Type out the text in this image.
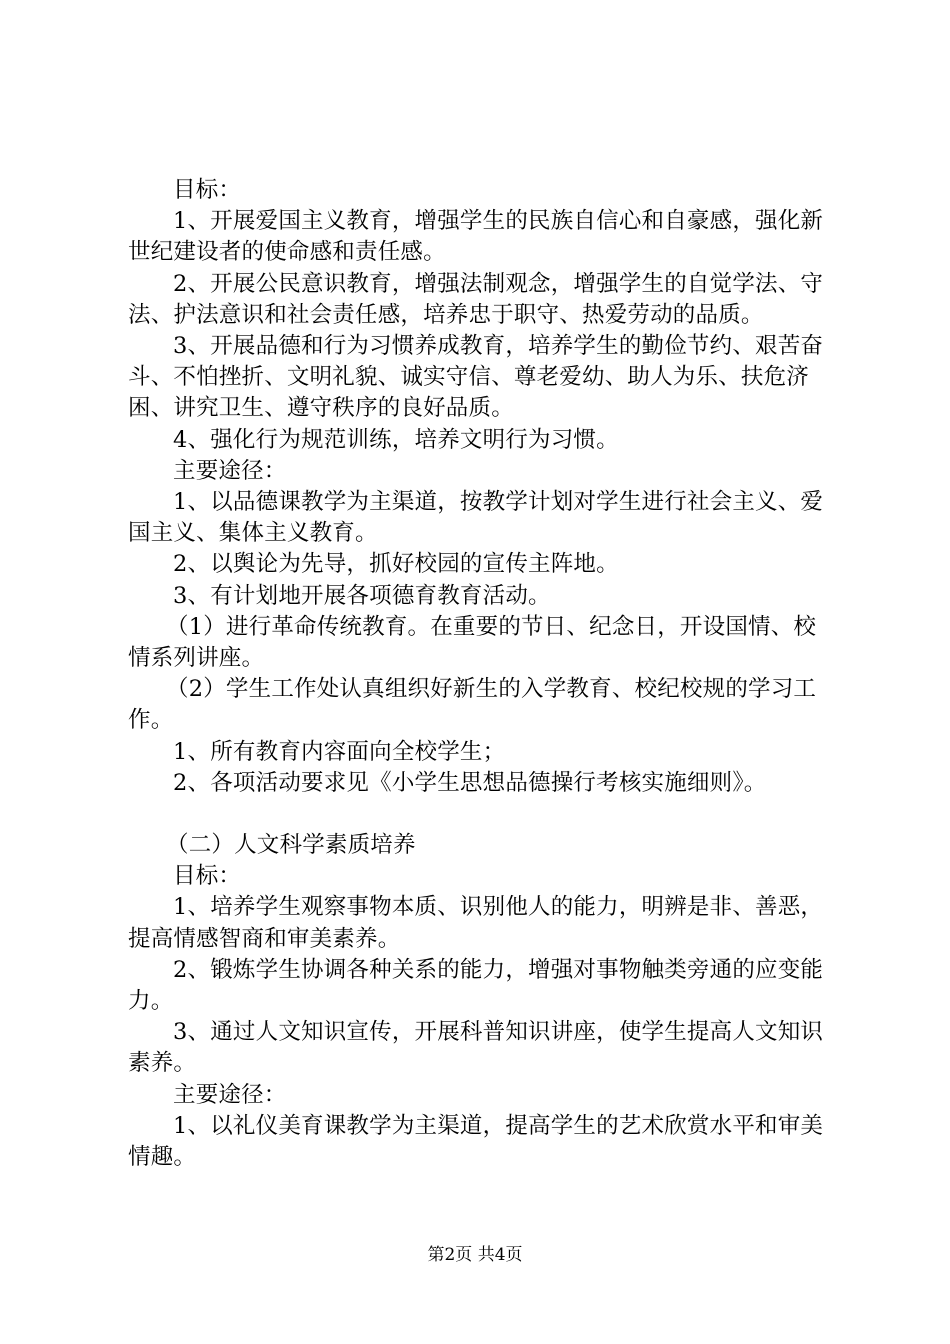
目标：

1、开展爱国主义教育，增强学生的民族自信心和自豪感，强化新世纪建设者的使命感和责任感。

2、开展公民意识教育，增强法制观念，增强学生的自觉学法、守法、护法意识和社会责任感，培养忠于职守、热爱劳动的品质。

3、开展品德和行为习惯养成教育，培养学生的勤俭节约、艰苦奋斗、不怕挫折、文明礼貌、诚实守信、尊老爱幼、助人为乐、扶危济困、讲究卫生、遵守秩序的良好品质。

4、强化行为规范训练，培养文明行为习惯。

主要途径：

1、以品德课教学为主渠道，按教学计划对学生进行社会主义、爱国主义、集体主义教育。

2、以舆论为先导，抓好校园的宣传主阵地。

3、有计划地开展各项德育教育活动。

（1）进行革命传统教育。在重要的节日、纪念日，开设国情、校情系列讲座。

（2）学生工作处认真组织好新生的入学教育、校纪校规的学习工作。

1、所有教育内容面向全校学生；

2、各项活动要求见《小学生思想品德操行考核实施细则》。

（二）人文科学素质培养

目标：

1、培养学生观察事物本质、识别他人的能力，明辨是非、善恶，提高情感智商和审美素养。

2、锻炼学生协调各种关系的能力，增强对事物触类旁通的应变能力。

3、通过人文知识宣传，开展科普知识讲座，使学生提高人文知识素养。

主要途径：

1、以礼仪美育课教学为主渠道，提高学生的艺术欣赏水平和审美情趣。

第2页 共4页
